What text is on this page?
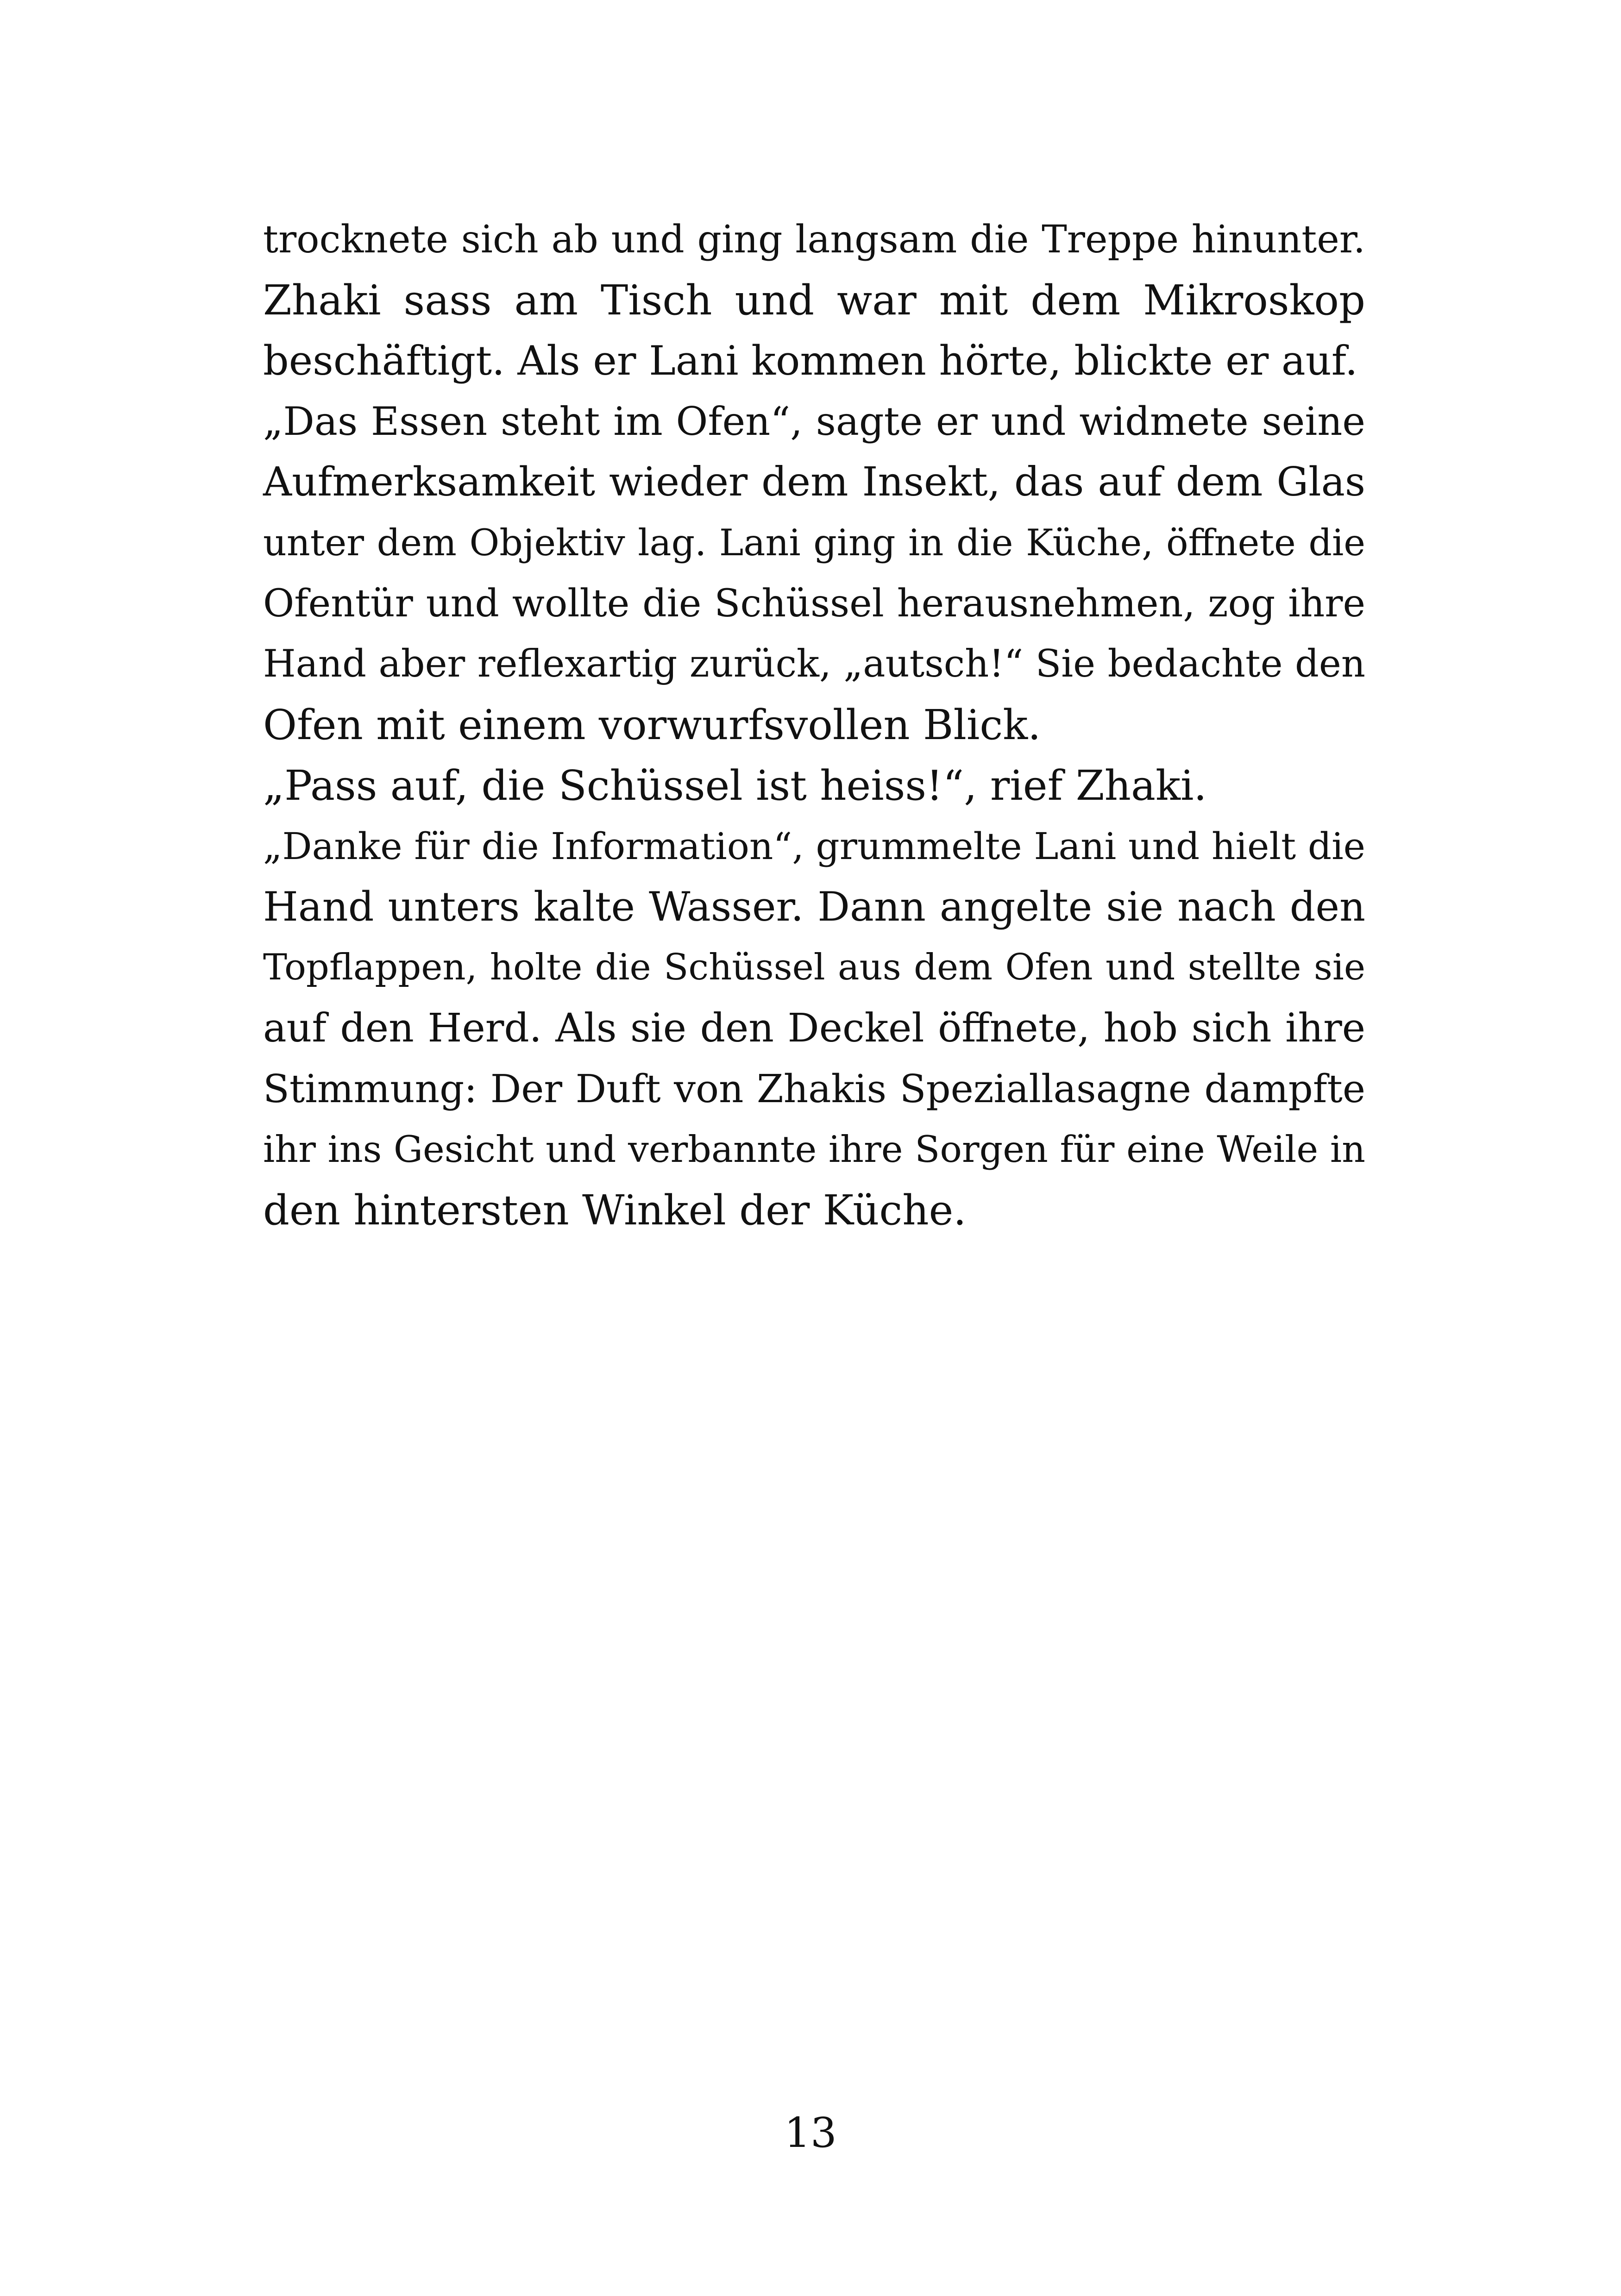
trocknete sich ab und ging langsam die Treppe hinunter.
Zhaki sass am Tisch und war mit dem Mikroskop
beschäftigt. Als er Lani kommen hörte, blickte er auf.
„Das Essen steht im Ofen“, sagte er und widmete seine
Aufmerksamkeit wieder dem Insekt, das auf dem Glas
unter dem Objektiv lag. Lani ging in die Küche, öffnete die
Ofentür und wollte die Schüssel herausnehmen, zog ihre
Hand aber reflexartig zurück, „autsch!“ Sie bedachte den
Ofen mit einem vorwurfsvollen Blick.
„Pass auf, die Schüssel ist heiss!“, rief Zhaki.
„Danke für die Information“, grummelte Lani und hielt die
Hand unters kalte Wasser. Dann angelte sie nach den
Topflappen, holte die Schüssel aus dem Ofen und stellte sie
auf den Herd. Als sie den Deckel öffnete, hob sich ihre
Stimmung: Der Duft von Zhakis Speziallasagne dampfte
ihr ins Gesicht und verbannte ihre Sorgen für eine Weile in
den hintersten Winkel der Küche.
13
